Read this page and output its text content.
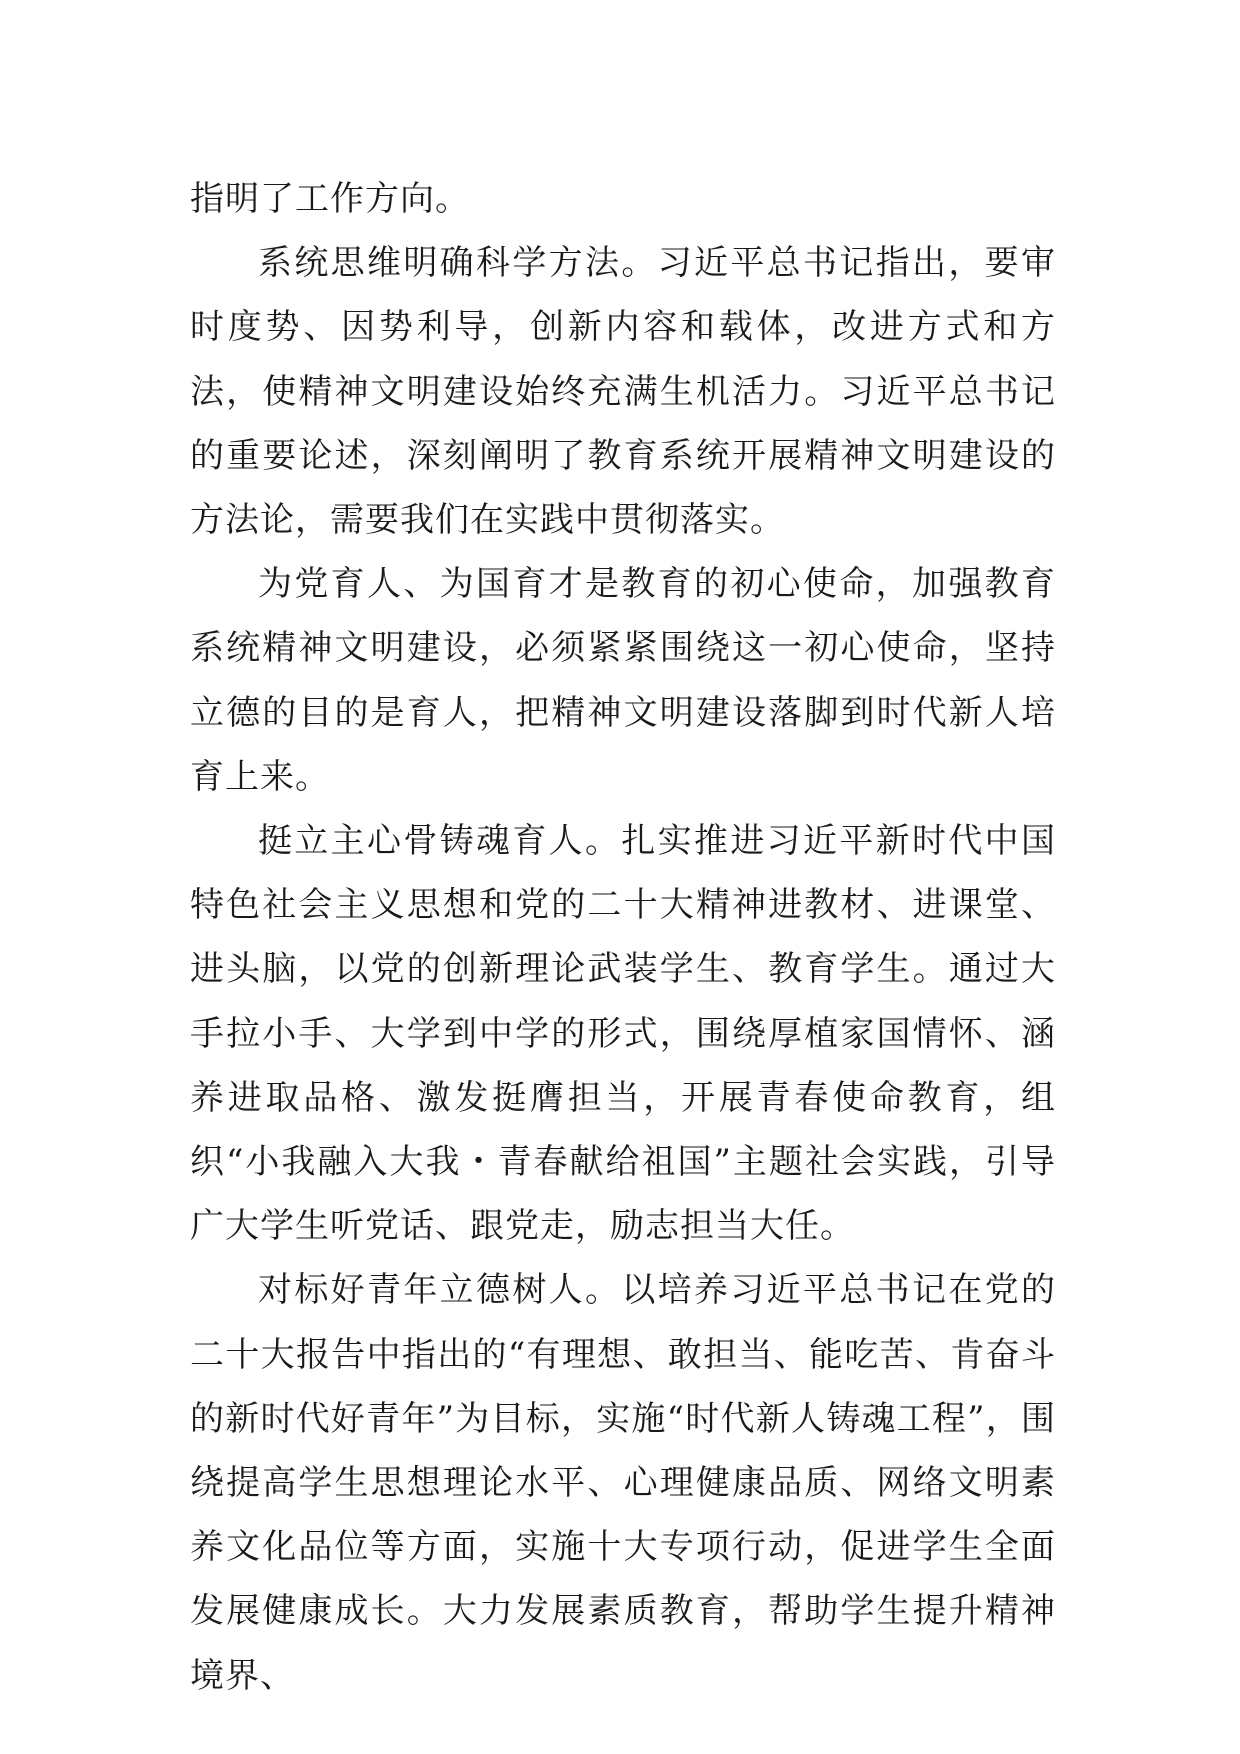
指明了工作方向。

系统思维明确科学方法。习近平总书记指出，要审时度势、因势利导，创新内容和载体，改进方式和方法，使精神文明建设始终充满生机活力。习近平总书记的重要论述，深刻阐明了教育系统开展精神文明建设的方法论，需要我们在实践中贯彻落实。

为党育人、为国育才是教育的初心使命，加强教育系统精神文明建设，必须紧紧围绕这一初心使命，坚持立德的目的是育人，把精神文明建设落脚到时代新人培育上来。

挺立主心骨铸魂育人。扎实推进习近平新时代中国特色社会主义思想和党的二十大精神进教材、进课堂、进头脑，以党的创新理论武装学生、教育学生。通过大手拉小手、大学到中学的形式，围绕厚植家国情怀、涵养进取品格、激发挺膺担当，开展青春使命教育，组织“小我融入大我・青春献给祖国”主题社会实践，引导广大学生听党话、跟党走，励志担当大任。

对标好青年立德树人。以培养习近平总书记在党的二十大报告中指出的“有理想、敢担当、能吃苦、肯奋斗的新时代好青年”为目标，实施“时代新人铸魂工程”，围绕提高学生思想理论水平、心理健康品质、网络文明素养文化品位等方面，实施十大专项行动，促进学生全面发展健康成长。大力发展素质教育，帮助学生提升精神境界、
